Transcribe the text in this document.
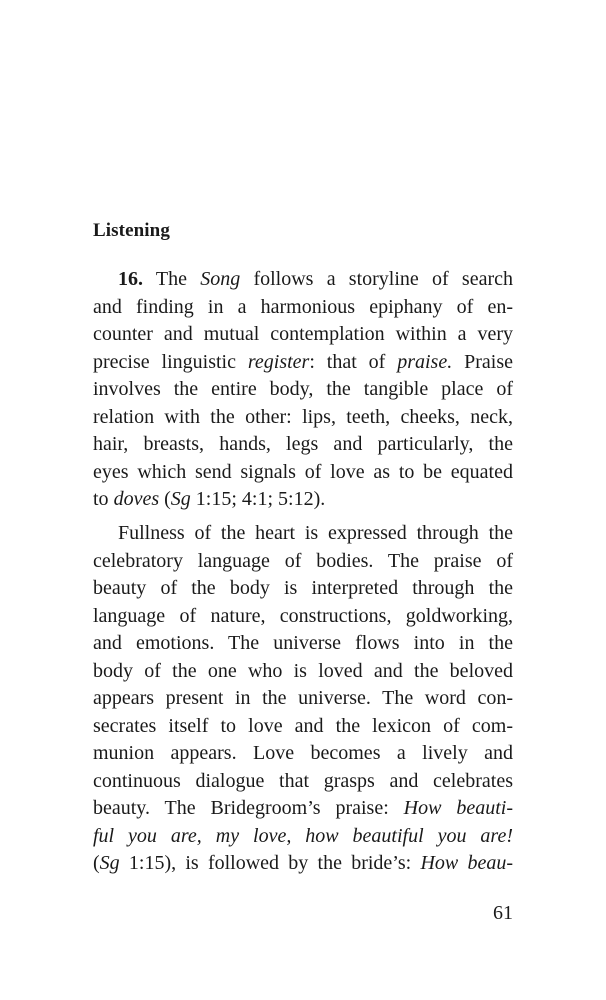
Listening
16. The Song follows a storyline of search
and finding in a harmonious epiphany of en-
counter and mutual contemplation within a very
precise linguistic register: that of praise. Praise
involves the entire body, the tangible place of
relation with the other: lips, teeth, cheeks, neck,
hair, breasts, hands, legs and particularly, the
eyes which send signals of love as to be equated
to doves (Sg 1:15; 4:1; 5:12).
Fullness of the heart is expressed through the
celebratory language of bodies. The praise of
beauty of the body is interpreted through the
language of nature, constructions, goldworking,
and emotions. The universe flows into in the
body of the one who is loved and the beloved
appears present in the universe. The word con-
secrates itself to love and the lexicon of com-
munion appears. Love becomes a lively and
continuous dialogue that grasps and celebrates
beauty. The Bridegroom’s praise: How beauti-
ful you are, my love, how beautiful you are!
(Sg 1:15), is followed by the bride’s: How beau-
61
